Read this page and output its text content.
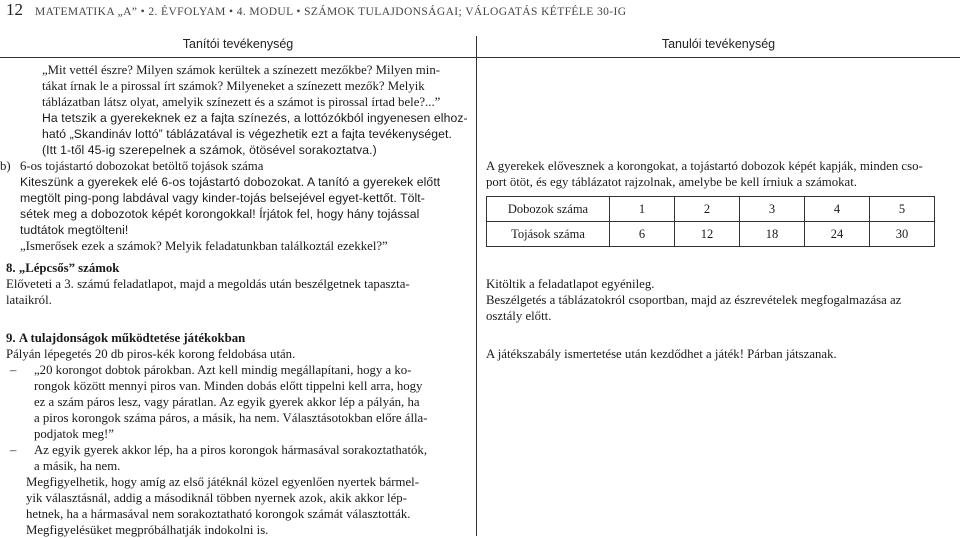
12 MATEMATIKA „A” • 2. ÉVFOLYAM • 4. MODUL • SZÁMOK TULAJDONSÁGAI; VÁLOGATÁS KÉTFÉLE 30-IG
Tanítói tevékenység	Tanulói tevékenység

„Mit vettél észre? Milyen számok kerültek a színezett mezőkbe? Milyen min-

tákat írnak le a pirossal írt számok? Milyeneket a színezett mezők? Melyik

táblázatban látsz olyat, amelyik színezett és a számot is pirossal írtad bele?...”

Ha tetszik a gyerekeknek ez a fajta színezés, a lottózókból ingyenesen elhoz-

ható „Skandináv lottó” táblázatával is végezhetik ezt a fajta tevékenységet.

(Itt 1-től 45-ig szerepelnek a számok, ötösével sorakoztatva.)

b) 6-os tojástartó dobozokat betöltő tojások száma

Kiteszünk a gyerekek elé 6-os tojástartó dobozokat. A tanító a gyerekek előtt

megtölt ping-pong labdával vagy kinder-tojás belsejével egyet-kettőt. Tölt-

sétek meg a dobozotok képét korongokkal! Írjátok fel, hogy hány tojással

tudtátok megtölteni!

„Ismerősek ezek a számok? Melyik feladatunkban találkoztál ezekkel?”

A gyerekek elővesznek a korongokat, a tojástartó dobozok képét kapják, minden cso-

port ötöt, és egy táblázatot rajzolnak, amelybe be kell írniuk a számokat.

Dobozok száma	1	2	3	4	5
Tojások száma	6	12	18	24	30

8. „Lépcsős” számok

Előveteti a 3. számú feladatlapot, majd a megoldás után beszélgetnek tapaszta-

lataikról.

Kitöltik a feladatlapot egyénileg.

Beszélgetés a táblázatokról csoportban, majd az észrevételek megfogalmazása az

osztály előtt.

9. A tulajdonságok működtetése játékokban

Pályán lépegetés 20 db piros-kék korong feldobása után.

– „20 korongot dobtok párokban. Azt kell mindig megállapítani, hogy a ko-

rongok között mennyi piros van. Minden dobás előtt tippelni kell arra, hogy

ez a szám páros lesz, vagy páratlan. Az egyik gyerek akkor lép a pályán, ha

a piros korongok száma páros, a másik, ha nem. Választásotokban előre álla-

podjatok meg!”

– Az egyik gyerek akkor lép, ha a piros korongok hármasával sorakoztathatók,

a másik, ha nem.

Megfigyelhetik, hogy amíg az első játéknál közel egyenlően nyertek bármel-

yik választásnál, addig a másodiknál többen nyernek azok, akik akkor lép-

hetnek, ha a hármasával nem sorakoztatható korongok számát választották.

Megfigyelésüket megpróbálhatják indokolni is.

A játékszabály ismertetése után kezdődhet a játék! Párban játszanak.
